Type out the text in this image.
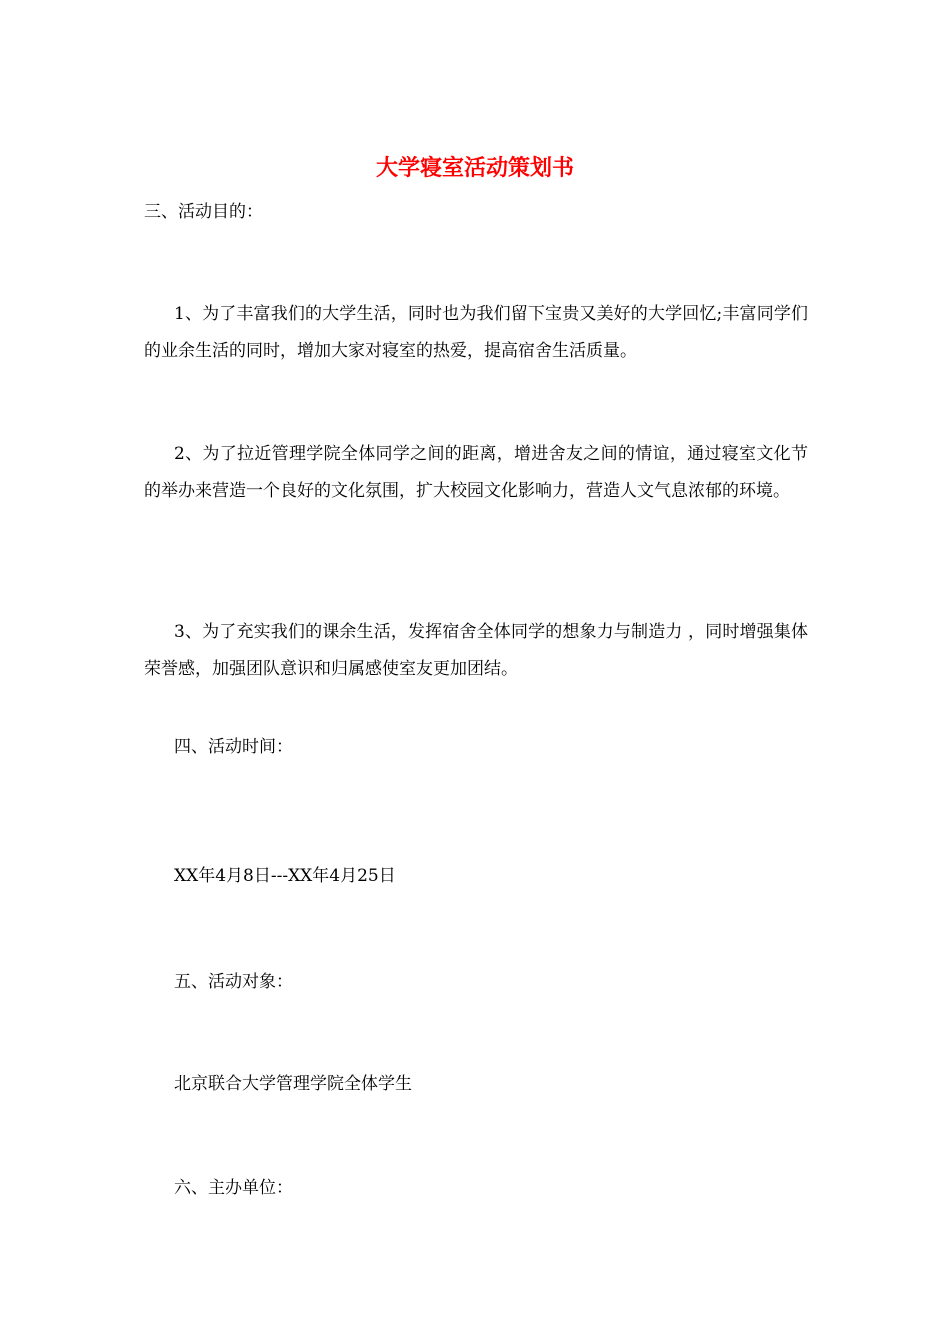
大学寝室活动策划书
三、活动目的：

1、为了丰富我们的大学生活，同时也为我们留下宝贵又美好的大学回忆;丰富同学们的业余生活的同时，增加大家对寝室的热爱，提高宿舍生活质量。

2、为了拉近管理学院全体同学之间的距离，增进舍友之间的情谊，通过寝室文化节的举办来营造一个良好的文化氛围，扩大校园文化影响力，营造人文气息浓郁的环境。

3、为了充实我们的课余生活，发挥宿舍全体同学的想象力与制造力 ，同时增强集体荣誉感，加强团队意识和归属感使室友更加团结。

四、活动时间：
XX年4月8日---XX年4月25日
五、活动对象：
北京联合大学管理学院全体学生
六、主办单位：
